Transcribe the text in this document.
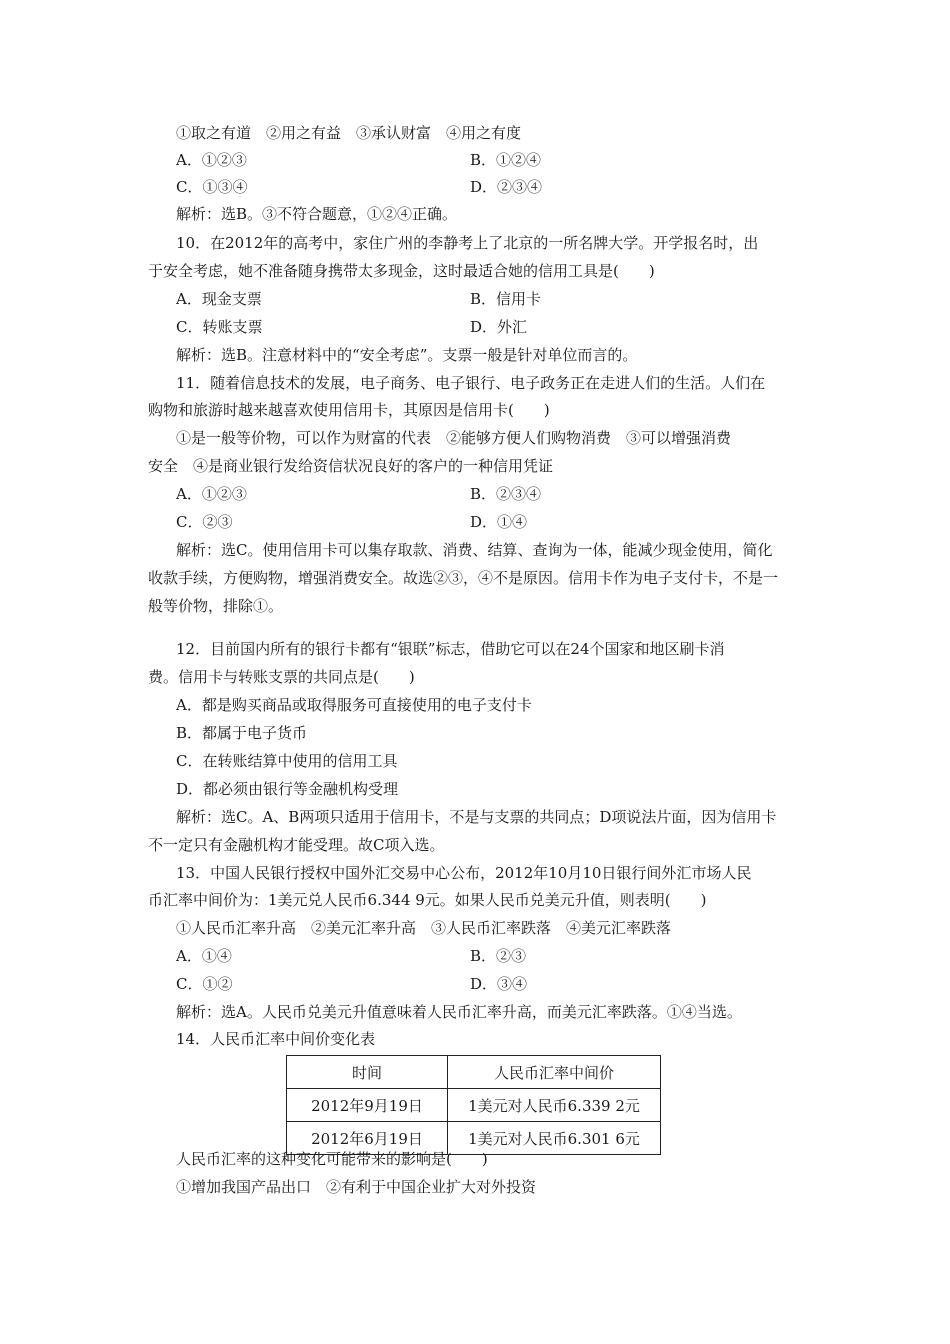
①取之有道　②用之有益　③承认财富　④用之有度
A．①②③	B．①②④
C．①③④	D．②③④
解析：选B。③不符合题意，①②④正确。
10．在2012年的高考中，家住广州的李静考上了北京的一所名牌大学。开学报名时，出
于安全考虑，她不准备随身携带太多现金，这时最适合她的信用工具是(　　)
A．现金支票	B．信用卡
C．转账支票	D．外汇
解析：选B。注意材料中的“安全考虑”。支票一般是针对单位而言的。
11．随着信息技术的发展，电子商务、电子银行、电子政务正在走进人们的生活。人们在
购物和旅游时越来越喜欢使用信用卡，其原因是信用卡(　　)
①是一般等价物，可以作为财富的代表　②能够方便人们购物消费　③可以增强消费
安全　④是商业银行发给资信状况良好的客户的一种信用凭证
A．①②③	B．②③④
C．②③	D．①④
解析：选C。使用信用卡可以集存取款、消费、结算、查询为一体，能减少现金使用，简化
收款手续，方便购物，增强消费安全。故选②③，④不是原因。信用卡作为电子支付卡，不是一
般等价物，排除①。
12．目前国内所有的银行卡都有“银联”标志，借助它可以在24个国家和地区刷卡消
费。信用卡与转账支票的共同点是(　　)
A．都是购买商品或取得服务可直接使用的电子支付卡
B．都属于电子货币
C．在转账结算中使用的信用工具
D．都必须由银行等金融机构受理
解析：选C。A、B两项只适用于信用卡，不是与支票的共同点；D项说法片面，因为信用卡
不一定只有金融机构才能受理。故C项入选。
13．中国人民银行授权中国外汇交易中心公布，2012年10月10日银行间外汇市场人民
币汇率中间价为：1美元兑人民币6.344 9元。如果人民币兑美元升值，则表明(　　)
①人民币汇率升高　②美元汇率升高　③人民币汇率跌落　④美元汇率跌落
A．①④	B．②③
C．①②	D．③④
解析：选A。人民币兑美元升值意味着人民币汇率升高，而美元汇率跌落。①④当选。
14．人民币汇率中间价变化表
时间	人民币汇率中间价
2012年9月19日	1美元对人民币6.339 2元
2012年6月19日	1美元对人民币6.301 6元
人民币汇率的这种变化可能带来的影响是(　　)
①增加我国产品出口　②有利于中国企业扩大对外投资
